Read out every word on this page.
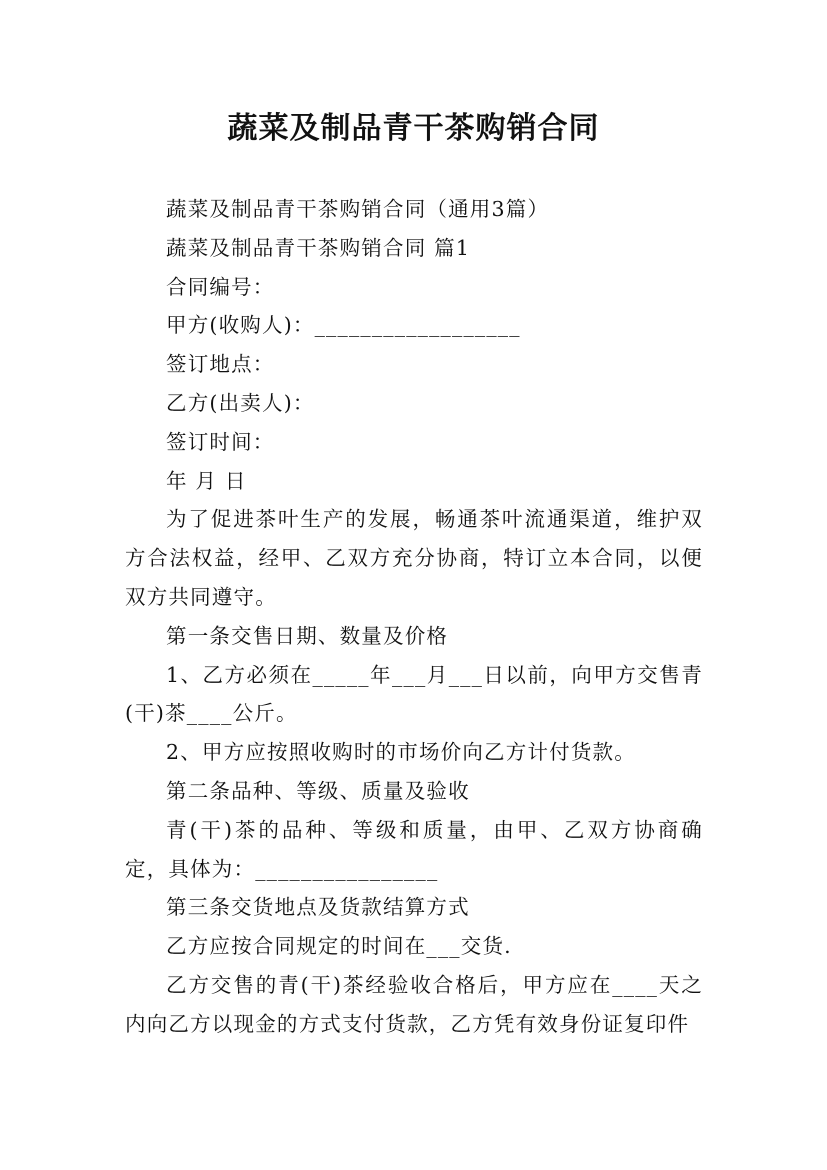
蔬菜及制品青干茶购销合同

蔬菜及制品青干茶购销合同（通用3篇）

蔬菜及制品青干茶购销合同 篇1

合同编号：

甲方(收购人)：__________________

签订地点：

乙方(出卖人)：

签订时间：

年 月 日

为了促进茶叶生产的发展，畅通茶叶流通渠道，维护双方合法权益，经甲、乙双方充分协商，特订立本合同，以便双方共同遵守。

第一条交售日期、数量及价格

1、乙方必须在_____年___月___日以前，向甲方交售青(干)茶____公斤。

2、甲方应按照收购时的市场价向乙方计付货款。

第二条品种、等级、质量及验收

青(干)茶的品种、等级和质量，由甲、乙双方协商确定，具体为：________________

第三条交货地点及货款结算方式

乙方应按合同规定的时间在___交货.

乙方交售的青(干)茶经验收合格后，甲方应在____天之内向乙方以现金的方式支付货款，乙方凭有效身份证复印件
